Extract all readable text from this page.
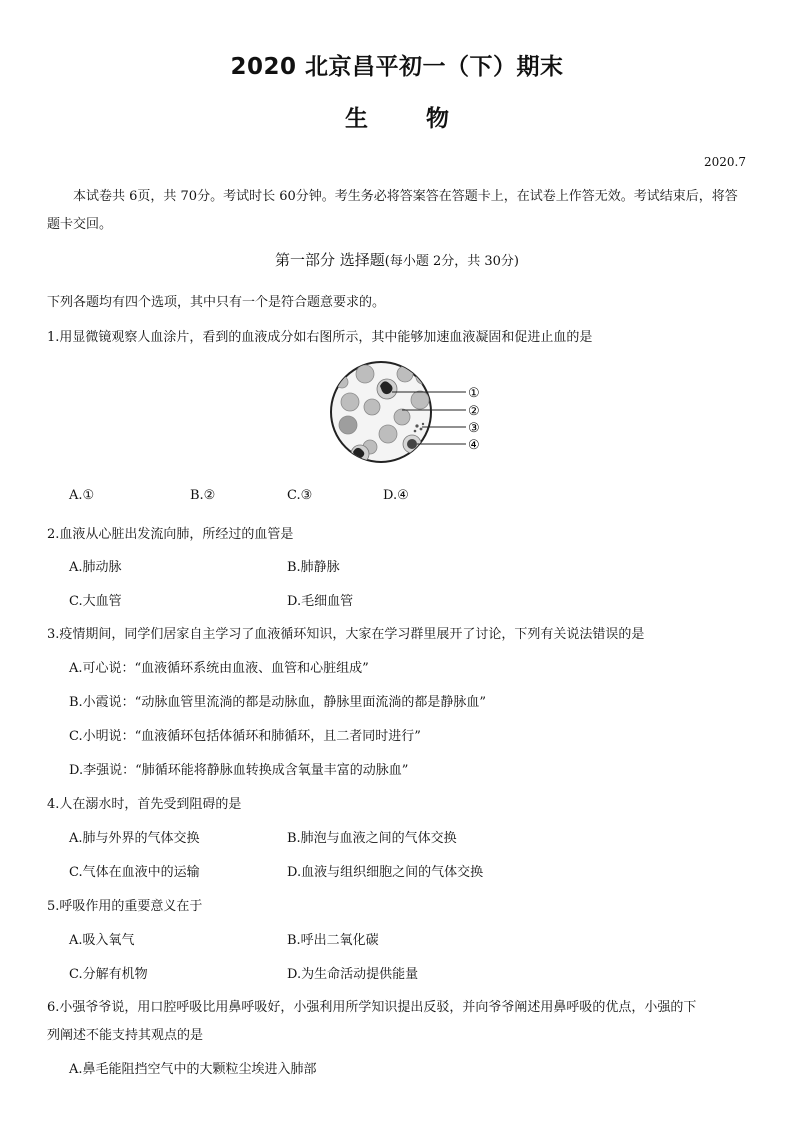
2020 北京昌平初一（下）期末
生 物
2020.7
本试卷共 6页，共 70分。考试时长 60分钟。考生务必将答案答在答题卡上，在试卷上作答无效。考试结束后，将答题卡交回。
第一部分 选择题(每小题 2分，共 30分)
下列各题均有四个选项，其中只有一个是符合题意要求的。
1.用显微镜观察人血涂片，看到的血液成分如右图所示，其中能够加速血液凝固和促进止血的是
①
②
③
④
A.①	B.②	C.③	D.④
2.血液从心脏出发流向肺，所经过的血管是
A.肺动脉	B.肺静脉
C.大血管	D.毛细血管
3.疫情期间，同学们居家自主学习了血液循环知识，大家在学习群里展开了讨论，下列有关说法错误的是
A.可心说：“血液循环系统由血液、血管和心脏组成”
B.小霞说：“动脉血管里流淌的都是动脉血，静脉里面流淌的都是静脉血”
C.小明说：“血液循环包括体循环和肺循环，且二者同时进行”
D.李强说：“肺循环能将静脉血转换成含氧量丰富的动脉血”
4.人在溺水时，首先受到阻碍的是
A.肺与外界的气体交换	B.肺泡与血液之间的气体交换
C.气体在血液中的运输	D.血液与组织细胞之间的气体交换
5.呼吸作用的重要意义在于
A.吸入氧气	B.呼出二氧化碳
C.分解有机物	D.为生命活动提供能量
6.小强爷爷说，用口腔呼吸比用鼻呼吸好，小强利用所学知识提出反驳，并向爷爷阐述用鼻呼吸的优点，小强的下
列阐述不能支持其观点的是
A.鼻毛能阻挡空气中的大颗粒尘埃进入肺部
